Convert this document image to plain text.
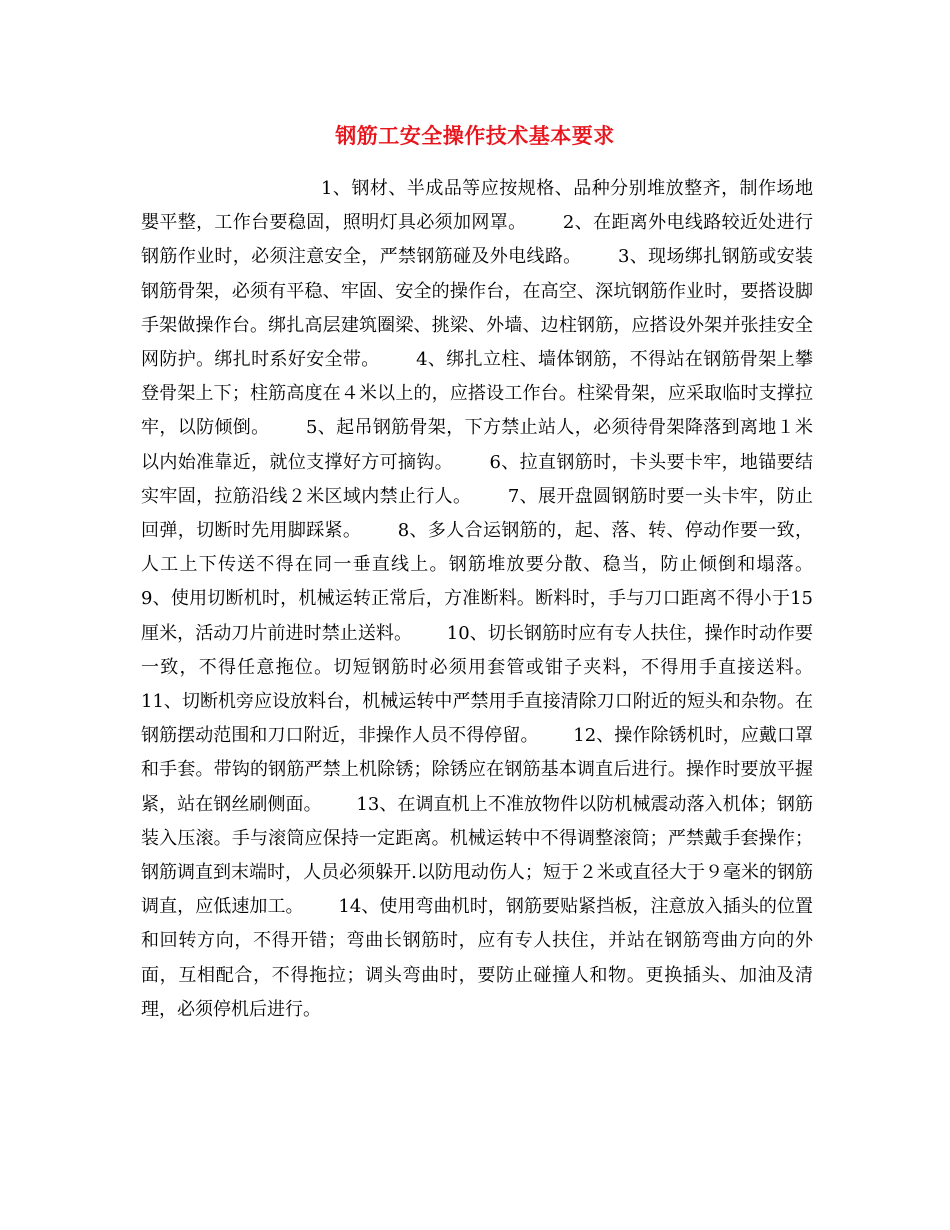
钢筋工安全操作技术基本要求

1、钢材、半成品等应按规格、品种分别堆放整齐，制作场地嬰平整，工作台要稳固，照明灯具必须加网罩。      2、在距离外电线路较近处进行钢筋作业时，必须注意安全，严禁钢筋碰及外电线路。      3、现场绑扎钢筋或安装钢筋骨架，必须有平稳、牢固、安全的操作台，在高空、深坑钢筋作业时，要搭设脚手架做操作台。绑扎高层建筑圈梁、挑梁、外墙、边柱钢筋，应搭设外架并张挂安全网防护。绑扎时系好安全带。      4、绑扎立柱、墙体钢筋，不得站在钢筋骨架上攀登骨架上下；柱筋高度在４米以上的，应搭设工作台。柱梁骨架，应采取临时支撑拉牢，以防倾倒。      5、起吊钢筋骨架，下方禁止站人，必须待骨架降落到离地１米以内始准靠近，就位支撑好方可摘钩。      6、拉直钢筋时，卡头要卡牢，地锚要结实牢固，拉筋沿线２米区域内禁止行人。      7、展开盘圆钢筋时要一头卡牢，防止回弹，切断时先用脚踩紧。      8、多人合运钢筋的，起、落、转、停动作要一致，人工上下传送不得在同一垂直线上。钢筋堆放要分散、稳当，防止倾倒和塌落。      9、使用切断机时，机械运转正常后，方准断料。断料时，手与刀口距离不得小于15厘米，活动刀片前进时禁止送料。      10、切长钢筋时应有专人扶住，操作时动作要一致，不得任意拖位。切短钢筋时必须用套管或钳子夹料，不得用手直接送料。      11、切断机旁应设放料台，机械运转中严禁用手直接清除刀口附近的短头和杂物。在钢筋摆动范围和刀口附近，非操作人员不得停留。      12、操作除锈机时，应戴口罩和手套。带钩的钢筋严禁上机除锈；除锈应在钢筋基本调直后进行。操作时要放平握紧，站在钢丝刷侧面。      13、在调直机上不准放物件以防机械震动落入机体；钢筋装入压滚。手与滚筒应保持一定距离。机械运转中不得调整滚筒；严禁戴手套操作；钢筋调直到末端时，人员必须躲开.以防甩动伤人；短于２米或直径大于９毫米的钢筋调直，应低速加工。      14、使用弯曲机时，钢筋要贴紧挡板，注意放入插头的位置和回转方向，不得开错；弯曲长钢筋时，应有专人扶住，并站在钢筋弯曲方向的外面，互相配合，不得拖拉；调头弯曲时，要防止碰撞人和物。更换插头、加油及清理，必须停机后进行。
